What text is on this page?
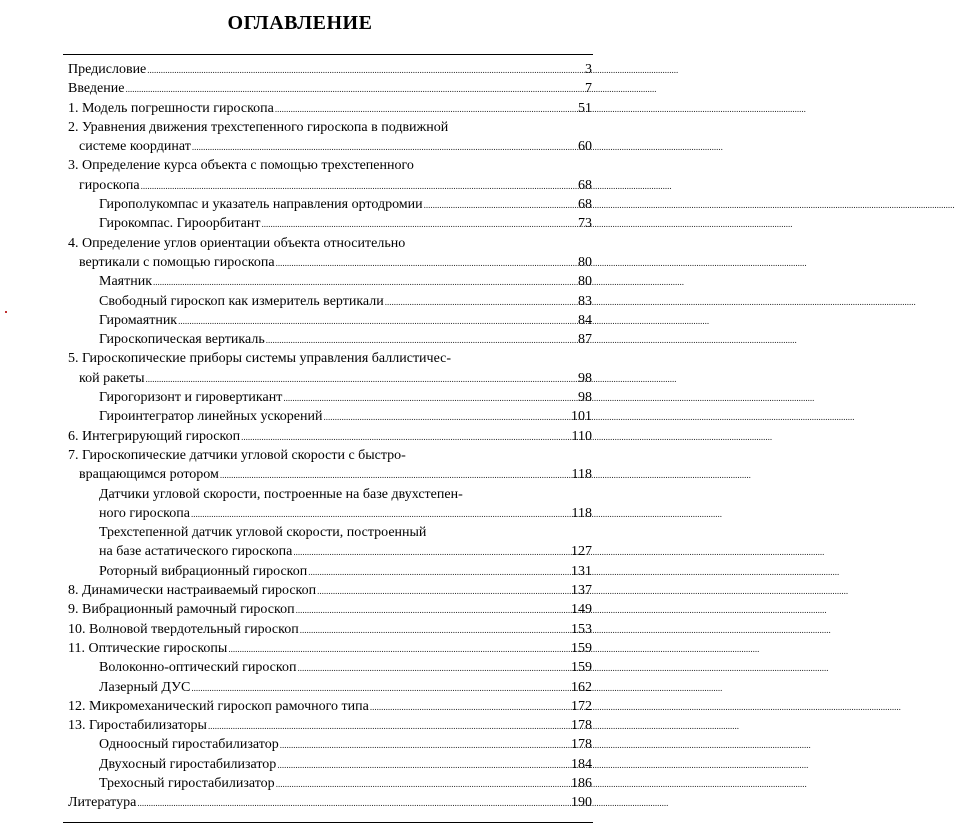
ОГЛАВЛЕНИЕ
Предисловие .....	3
Введение .....	7
1. Модель погрешности гироскопа .....	51
2. Уравнения движения трехстепенного гироскопа в подвижной
системе координат .....	60
3. Определение курса объекта с помощью трехстепенного
гироскопа .....	68
Гирополукомпас и указатель направления ортодромии .....	68
Гирокомпас. Гироорбитант .....	73
4. Определение углов ориентации объекта относительно
вертикали с помощью гироскопа .....	80
Маятник .....	80
Свободный гироскоп как измеритель вертикали .....	83
Гиромаятник .....	84
Гироскопическая вертикаль .....	87
5. Гироскопические приборы системы управления баллистичес-
кой ракеты .....	98
Гирогоризонт и гировертикант .....	98
Гироинтегратор линейных ускорений .....	101
6. Интегрирующий гироскоп .....	110
7. Гироскопические датчики угловой скорости с быстро-
вращающимся ротором .....	118
Датчики угловой скорости, построенные на базе двухстепен-
ного гироскопа .....	118
Трехстепенной датчик угловой скорости, построенный
на базе астатического гироскопа .....	127
Роторный вибрационный гироскоп .....	131
8. Динамически настраиваемый гироскоп .....	137
9. Вибрационный рамочный гироскоп .....	149
10. Волновой твердотельный гироскоп .....	153
11. Оптические гироскопы .....	159
Волоконно-оптический гироскоп .....	159
Лазерный ДУС .....	162
12. Микромеханический гироскоп рамочного типа .....	172
13. Гиростабилизаторы .....	178
Одноосный гиростабилизатор .....	178
Двухосный гиростабилизатор .....	184
Трехосный гиростабилизатор .....	186
Литература .....	190
